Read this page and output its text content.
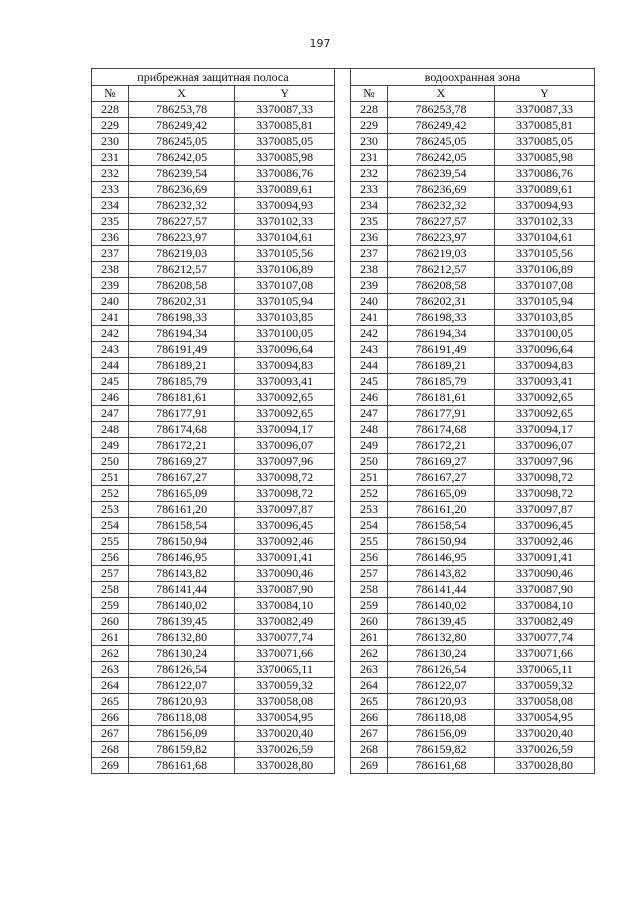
197
прибрежная защитная полоса		
№	X	Y
228	786253,78	3370087,33
229	786249,42	3370085,81
230	786245,05	3370085,05
231	786242,05	3370085,98
232	786239,54	3370086,76
233	786236,69	3370089,61
234	786232,32	3370094,93
235	786227,57	3370102,33
236	786223,97	3370104,61
237	786219,03	3370105,56
238	786212,57	3370106,89
239	786208,58	3370107,08
240	786202,31	3370105,94
241	786198,33	3370103,85
242	786194,34	3370100,05
243	786191,49	3370096,64
244	786189,21	3370094,83
245	786185,79	3370093,41
246	786181,61	3370092,65
247	786177,91	3370092,65
248	786174,68	3370094,17
249	786172,21	3370096,07
250	786169,27	3370097,96
251	786167,27	3370098,72
252	786165,09	3370098,72
253	786161,20	3370097,87
254	786158,54	3370096,45
255	786150,94	3370092,46
256	786146,95	3370091,41
257	786143,82	3370090,46
258	786141,44	3370087,90
259	786140,02	3370084,10
260	786139,45	3370082,49
261	786132,80	3370077,74
262	786130,24	3370071,66
263	786126,54	3370065,11
264	786122,07	3370059,32
265	786120,93	3370058,08
266	786118,08	3370054,95
267	786156,09	3370020,40
268	786159,82	3370026,59
269	786161,68	3370028,80
водоохранная зона		
№	X	Y
228	786253,78	3370087,33
229	786249,42	3370085,81
230	786245,05	3370085,05
231	786242,05	3370085,98
232	786239,54	3370086,76
233	786236,69	3370089,61
234	786232,32	3370094,93
235	786227,57	3370102,33
236	786223,97	3370104,61
237	786219,03	3370105,56
238	786212,57	3370106,89
239	786208,58	3370107,08
240	786202,31	3370105,94
241	786198,33	3370103,85
242	786194,34	3370100,05
243	786191,49	3370096,64
244	786189,21	3370094,83
245	786185,79	3370093,41
246	786181,61	3370092,65
247	786177,91	3370092,65
248	786174,68	3370094,17
249	786172,21	3370096,07
250	786169,27	3370097,96
251	786167,27	3370098,72
252	786165,09	3370098,72
253	786161,20	3370097,87
254	786158,54	3370096,45
255	786150,94	3370092,46
256	786146,95	3370091,41
257	786143,82	3370090,46
258	786141,44	3370087,90
259	786140,02	3370084,10
260	786139,45	3370082,49
261	786132,80	3370077,74
262	786130,24	3370071,66
263	786126,54	3370065,11
264	786122,07	3370059,32
265	786120,93	3370058,08
266	786118,08	3370054,95
267	786156,09	3370020,40
268	786159,82	3370026,59
269	786161,68	3370028,80
